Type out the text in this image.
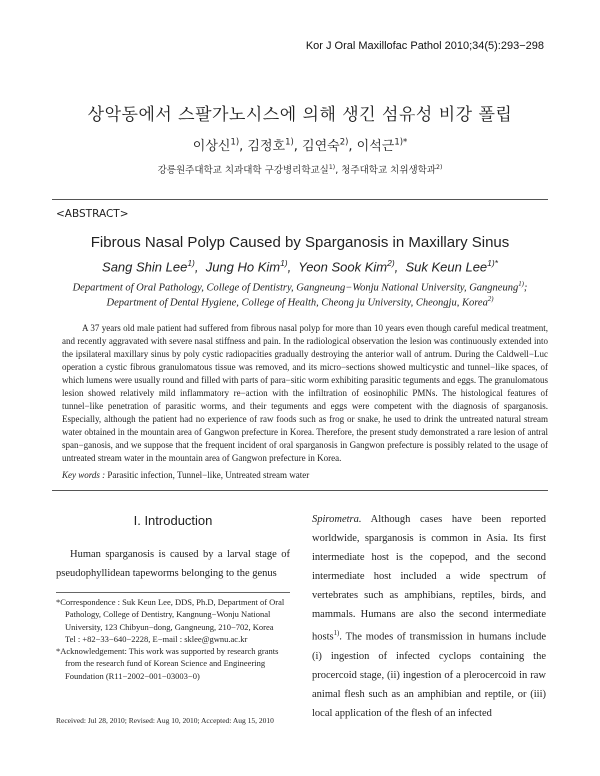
Kor J Oral Maxillofac Pathol 2010;34(5):293−298
상악동에서 스팔가노시스에 의해 생긴 섬유성 비강 폴립
이상신$^{1)}$, 김정호$^{1)}$, 김연숙$^{2)}$, 이석근$^{1)*}$
강릉원주대학교 치과대학 구강병리학교실$^{1)}$, 청주대학교 치위생학과$^{2)}$
<ABSTRACT>
Fibrous Nasal Polyp Caused by Sparganosis in Maxillary Sinus
Sang Shin Lee$^{1)}$,  Jung Ho Kim$^{1)}$,  Yeon Sook Kim$^{2)}$,  Suk Keun Lee$^{1)*}$
Department of Oral Pathology, College of Dentistry, Gangneung−Wonju National University, Gangneung$^{1)}$;
Department of Dental Hygiene, College of Health, Cheong ju University, Cheongju, Korea$^{2)}$
A 37 years old male patient had suffered from fibrous nasal polyp for more than 10 years even though careful medical treatment, and recently aggravated with severe nasal stiffness and pain. In the radiological observation the lesion was continuously extended into the ipsilateral maxillary sinus by poly cystic radiopacities gradually destroying the anterior wall of antrum. During the Caldwell−Luc operation a cystic fibrous granulomatous tissue was removed, and its micro−sections showed multicystic and tunnel−like spaces, of which lumens were usually round and filled with parts of para−sitic worm exhibiting parasitic teguments and eggs. The granulomatous lesion showed relatively mild inflammatory re−action with the infiltration of eosinophilic PMNs. The histological features of tunnel−like penetration of parasitic worms, and their teguments and eggs were competent with the diagnosis of sparganosis. Especially, although the patient had no experience of raw foods such as frog or snake, he used to drink the untreated natural stream water obtained in the mountain area of Gangwon prefecture in Korea. Therefore, the present study demonstrated a rare lesion of antral span−ganosis, and we suppose that the frequent incident of oral sparganosis in Gangwon prefecture is possibly related to the usage of untreated stream water in the mountain area of Gangwon prefecture in Korea.
Key words : Parasitic infection, Tunnel−like, Untreated stream water
I. Introduction
Human sparganosis is caused by a larval stage of pseudophyllidean tapeworms belonging to the genus

*Correspondence : Suk Keun Lee, DDS, Ph.D, Department of Oral Pathology, College of Dentistry, Kangnung−Wonju National University, 123 Chibyun−dong, Gangneung, 210−702, Korea

Tel : +82−33−640−2228, E−mail : sklee@gwnu.ac.kr

*Acknowledgement: This work was supported by research grants from the research fund of Korean Science and Engineering Foundation (R11−2002−001−03003−0)

Received: Jul 28, 2010; Revised: Aug 10, 2010; Accepted: Aug 15, 2010
Spirometra. Although cases have been reported worldwide, sparganosis is common in Asia. Its first intermediate host is the copepod, and the second intermediate host included a wide spectrum of vertebrates such as amphibians, reptiles, birds, and mammals. Humans are also the second intermediate hosts$^{1)}$. The modes of transmission in humans include (i) ingestion of infected cyclops containing the procercoid stage, (ii) ingestion of a plerocercoid in raw animal flesh such as an amphibian and reptile, or (iii) local application of the flesh of an infected
